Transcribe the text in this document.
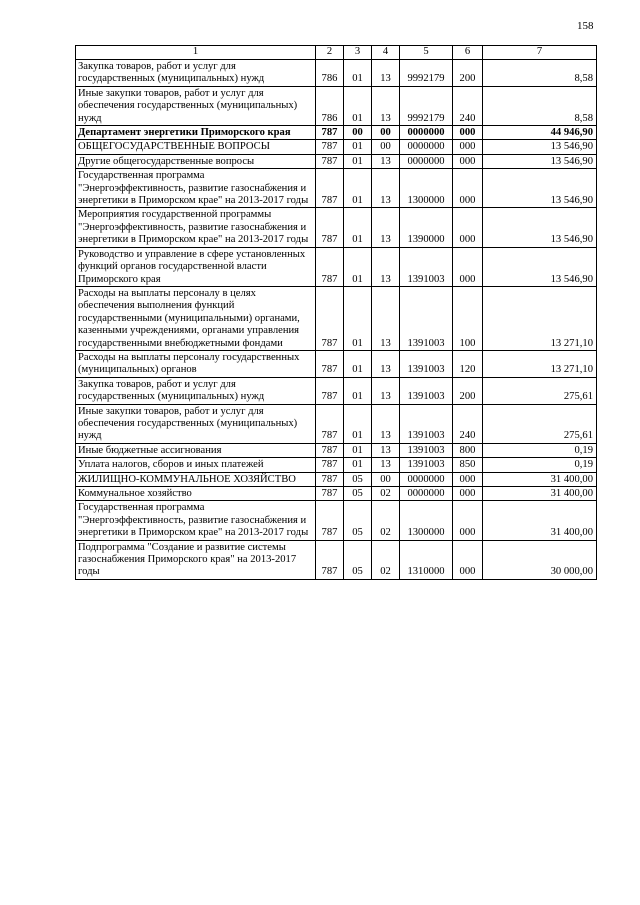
158
1	2	3	4	5	6	7
Закупка товаров, работ и услуг для государственных (муниципальных) нужд	786	01	13	9992179	200	8,58
Иные закупки товаров, работ и услуг для обеспечения государственных (муниципальных) нужд	786	01	13	9992179	240	8,58
Департамент энергетики Приморского края	787	00	00	0000000	000	44 946,90
ОБЩЕГОСУДАРСТВЕННЫЕ ВОПРОСЫ	787	01	00	0000000	000	13 546,90
Другие общегосударственные вопросы	787	01	13	0000000	000	13 546,90
Государственная программа "Энергоэффективность, развитие газоснабжения и энергетики в Приморском крае" на 2013-2017 годы	787	01	13	1300000	000	13 546,90
Мероприятия государственной программы "Энергоэффективность, развитие газоснабжения и энергетики в Приморском крае" на 2013-2017 годы	787	01	13	1390000	000	13 546,90
Руководство и управление в сфере установленных функций органов государственной власти Приморского края	787	01	13	1391003	000	13 546,90
Расходы на выплаты персоналу в целях обеспечения выполнения функций государственными (муниципальными) органами, казенными учреждениями, органами управления государственными внебюджетными фондами	787	01	13	1391003	100	13 271,10
Расходы на выплаты персоналу государственных (муниципальных) органов	787	01	13	1391003	120	13 271,10
Закупка товаров, работ и услуг для государственных (муниципальных) нужд	787	01	13	1391003	200	275,61
Иные закупки товаров, работ и услуг для обеспечения государственных (муниципальных) нужд	787	01	13	1391003	240	275,61
Иные бюджетные ассигнования	787	01	13	1391003	800	0,19
Уплата налогов, сборов и иных платежей	787	01	13	1391003	850	0,19
ЖИЛИЩНО-КОММУНАЛЬНОЕ ХОЗЯЙСТВО	787	05	00	0000000	000	31 400,00
Коммунальное хозяйство	787	05	02	0000000	000	31 400,00
Государственная программа "Энергоэффективность, развитие газоснабжения и энергетики в Приморском крае" на 2013-2017 годы	787	05	02	1300000	000	31 400,00
Подпрограмма "Создание и развитие системы газоснабжения Приморского края" на 2013-2017 годы	787	05	02	1310000	000	30 000,00
